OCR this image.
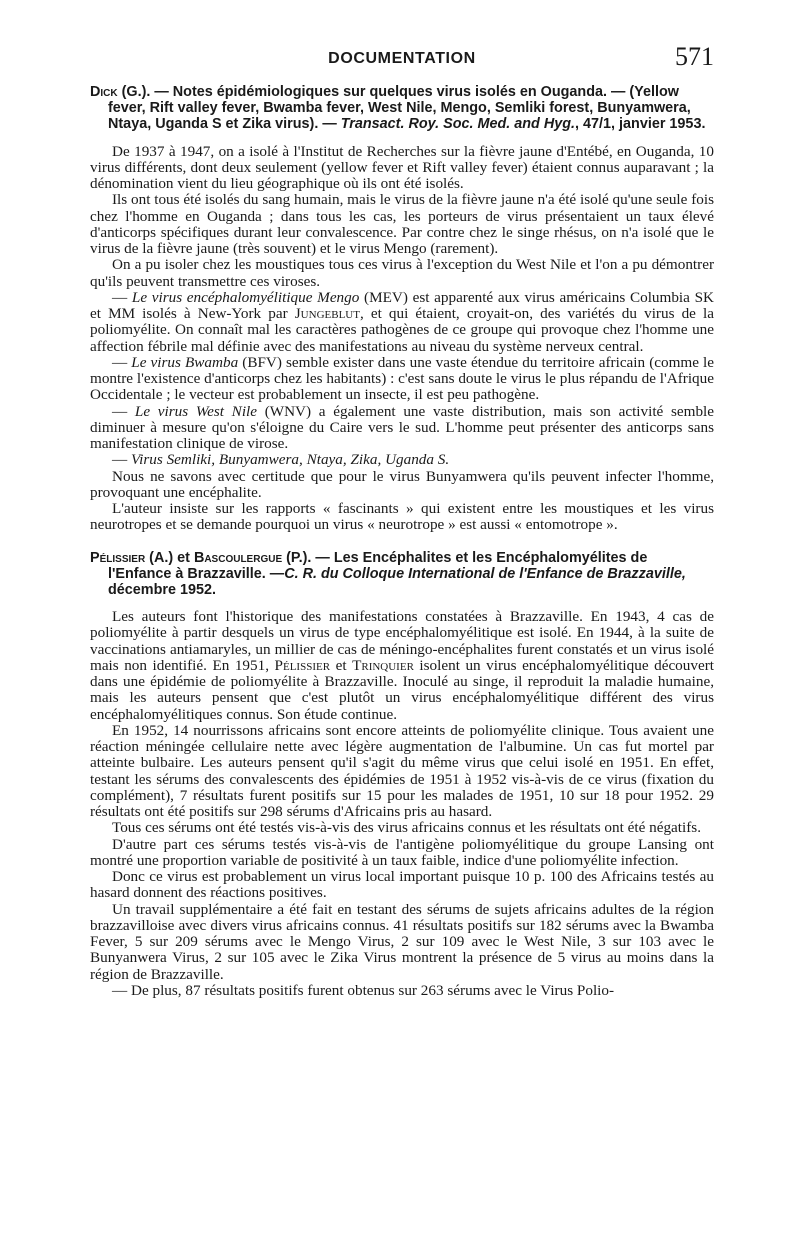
DOCUMENTATION	571
Dick (G.). — Notes épidémiologiques sur quelques virus isolés en Ouganda. — (Yellow fever, Rift valley fever, Bwamba fever, West Nile, Mengo, Semliki forest, Bunyamwera, Ntaya, Uganda S et Zika virus). — Transact. Roy. Soc. Med. and Hyg., 47/1, janvier 1953.

De 1937 à 1947, on a isolé à l'Institut de Recherches sur la fièvre jaune d'Entébé, en Ouganda, 10 virus différents, dont deux seulement (yellow fever et Rift valley fever) étaient connus auparavant ; la dénomination vient du lieu géographique où ils ont été isolés.

Ils ont tous été isolés du sang humain, mais le virus de la fièvre jaune n'a été isolé qu'une seule fois chez l'homme en Ouganda ; dans tous les cas, les porteurs de virus présentaient un taux élevé d'anticorps spécifiques durant leur convalescence. Par contre chez le singe rhésus, on n'a isolé que le virus de la fièvre jaune (très souvent) et le virus Mengo (rarement).

On a pu isoler chez les moustiques tous ces virus à l'exception du West Nile et l'on a pu démontrer qu'ils peuvent transmettre ces viroses.

— Le virus encéphalomyélitique Mengo (MEV) est apparenté aux virus américains Columbia SK et MM isolés à New-York par Jungeblut, et qui étaient, croyait-on, des variétés du virus de la poliomyélite. On connaît mal les caractères pathogènes de ce groupe qui provoque chez l'homme une affection fébrile mal définie avec des manifestations au niveau du système nerveux central.

— Le virus Bwamba (BFV) semble exister dans une vaste étendue du territoire africain (comme le montre l'existence d'anticorps chez les habitants) : c'est sans doute le virus le plus répandu de l'Afrique Occidentale ; le vecteur est probablement un insecte, il est peu pathogène.

— Le virus West Nile (WNV) a également une vaste distribution, mais son activité semble diminuer à mesure qu'on s'éloigne du Caire vers le sud. L'homme peut présenter des anticorps sans manifestation clinique de virose.

— Virus Semliki, Bunyamwera, Ntaya, Zika, Uganda S.

Nous ne savons avec certitude que pour le virus Bunyamwera qu'ils peuvent infecter l'homme, provoquant une encéphalite.

L'auteur insiste sur les rapports « fascinants » qui existent entre les moustiques et les virus neurotropes et se demande pourquoi un virus « neurotrope » est aussi « entomotrope ».

Pélissier (A.) et Bascoulergue (P.). — Les Encéphalites et les Encéphalomyélites de l'Enfance à Brazzaville. —C. R. du Colloque International de l'Enfance de Brazzaville, décembre 1952.

Les auteurs font l'historique des manifestations constatées à Brazzaville. En 1943, 4 cas de poliomyélite à partir desquels un virus de type encéphalomyélitique est isolé. En 1944, à la suite de vaccinations antiamaryles, un millier de cas de méningo-encéphalites furent constatés et un virus isolé mais non identifié. En 1951, Pélissier et Trinquier isolent un virus encéphalomyélitique découvert dans une épidémie de poliomyélite à Brazzaville. Inoculé au singe, il reproduit la maladie humaine, mais les auteurs pensent que c'est plutôt un virus encéphalomyélitique différent des virus encéphalomyélitiques connus. Son étude continue.

En 1952, 14 nourrissons africains sont encore atteints de poliomyélite clinique. Tous avaient une réaction méningée cellulaire nette avec légère augmentation de l'albumine. Un cas fut mortel par atteinte bulbaire. Les auteurs pensent qu'il s'agit du même virus que celui isolé en 1951. En effet, testant les sérums des convalescents des épidémies de 1951 à 1952 vis-à-vis de ce virus (fixation du complément), 7 résultats furent positifs sur 15 pour les malades de 1951, 10 sur 18 pour 1952. 29 résultats ont été positifs sur 298 sérums d'Africains pris au hasard.

Tous ces sérums ont été testés vis-à-vis des virus africains connus et les résultats ont été négatifs.

D'autre part ces sérums testés vis-à-vis de l'antigène poliomyélitique du groupe Lansing ont montré une proportion variable de positivité à un taux faible, indice d'une poliomyélite infection.

Donc ce virus est probablement un virus local important puisque 10 p. 100 des Africains testés au hasard donnent des réactions positives.

Un travail supplémentaire a été fait en testant des sérums de sujets africains adultes de la région brazzavilloise avec divers virus africains connus. 41 résultats positifs sur 182 sérums avec la Bwamba Fever, 5 sur 209 sérums avec le Mengo Virus, 2 sur 109 avec le West Nile, 3 sur 103 avec le Bunyanwera Virus, 2 sur 105 avec le Zika Virus montrent la présence de 5 virus au moins dans la région de Brazzaville.

— De plus, 87 résultats positifs furent obtenus sur 263 sérums avec le Virus Polio-
